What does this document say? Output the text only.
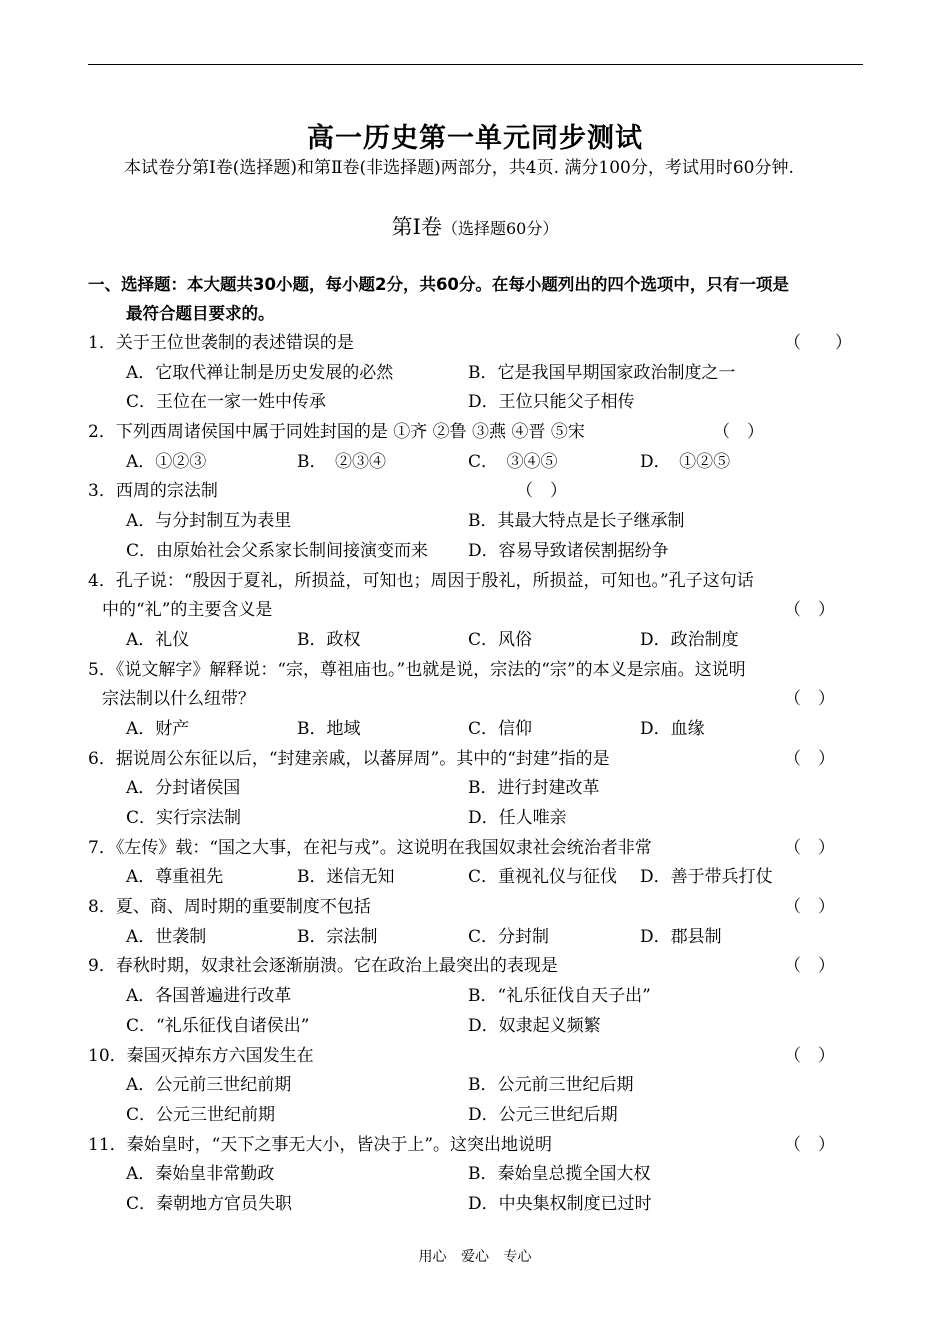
高一历史第一单元同步测试
本试卷分第Ⅰ卷(选择题)和第Ⅱ卷(非选择题)两部分，共4页. 满分100分，考试用时60分钟.
第Ⅰ卷（选择题60分）
一、选择题：本大题共30小题，每小题2分，共60分。在每小题列出的四个选项中，只有一项是
最符合题目要求的。
1．关于王位世袭制的表述错误的是	（　　）
A．它取代禅让制是历史发展的必然	B．它是我国早期国家政治制度之一
C．王位在一家一姓中传承	D．王位只能父子相传
2．下列西周诸侯国中属于同姓封国的是 ①齐 ②鲁 ③燕 ④晋 ⑤宋	（　）
A．①②③	B．　②③④	C．　③④⑤	D．　①②⑤
3．西周的宗法制	（　）
A．与分封制互为表里	B．其最大特点是长子继承制
C．由原始社会父系家长制间接演变而来 D．容易导致诸侯割据纷争
4．孔子说：“殷因于夏礼，所损益，可知也；周因于殷礼，所损益，可知也。”孔子这句话
中的“礼”的主要含义是	（　）
A．礼仪	B．政权	C．风俗	D．政治制度
5．《说文解字》解释说：“宗，尊祖庙也。”也就是说，宗法的“宗”的本义是宗庙。这说明
宗法制以什么纽带？	（　）
A．财产	B．地域	C．信仰	D．血缘
6．据说周公东征以后，“封建亲戚，以蕃屏周”。其中的“封建”指的是	（　）
A．分封诸侯国	B．进行封建改革
C．实行宗法制	D．任人唯亲
7．《左传》载：“国之大事，在祀与戎”。这说明在我国奴隶社会统治者非常	（　）
A．尊重祖先	B．迷信无知	C．重视礼仪与征伐 D．善于带兵打仗
8．夏、商、周时期的重要制度不包括	（　）
A．世袭制	B．宗法制	C．分封制	D．郡县制
9．春秋时期，奴隶社会逐渐崩溃。它在政治上最突出的表现是	（　）
A．各国普遍进行改革	B．“礼乐征伐自天子出”
C．“礼乐征伐自诸侯出”	D．奴隶起义频繁
10．秦国灭掉东方六国发生在	（　）
A．公元前三世纪前期	B．公元前三世纪后期
C．公元三世纪前期	D．公元三世纪后期
11．秦始皇时，“天下之事无大小，皆决于上”。这突出地说明	（　）
A．秦始皇非常勤政	B．秦始皇总揽全国大权
C．秦朝地方官员失职	D．中央集权制度已过时
用心 爱心 专心
